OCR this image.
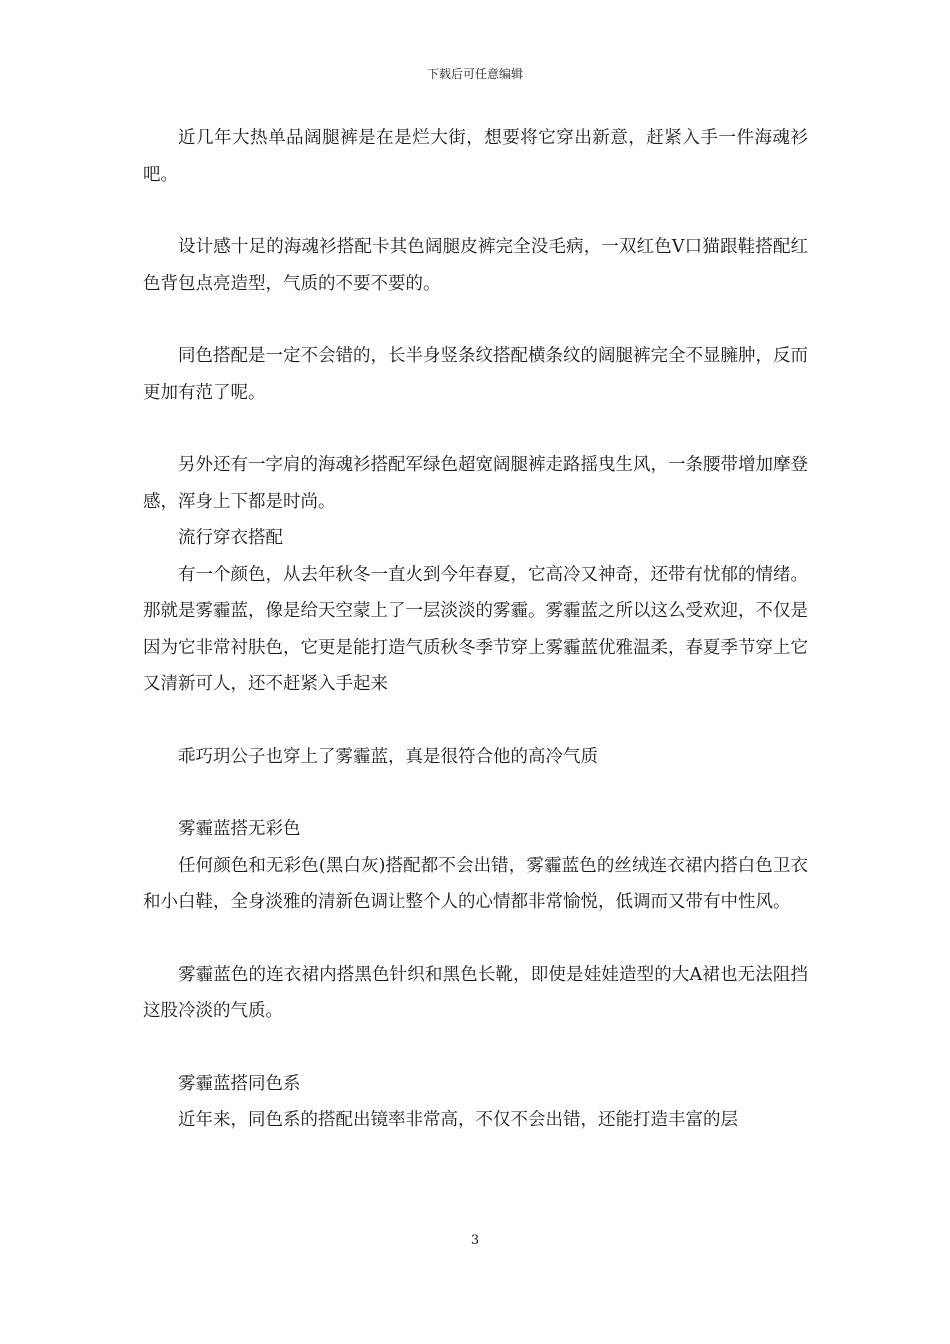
下载后可任意编辑

近几年大热单品阔腿裤是在是烂大街，想要将它穿出新意，赶紧入手一件海魂衫吧。

设计感十足的海魂衫搭配卡其色阔腿皮裤完全没毛病，一双红色V口猫跟鞋搭配红色背包点亮造型，气质的不要不要的。

同色搭配是一定不会错的，长半身竖条纹搭配横条纹的阔腿裤完全不显臃肿，反而更加有范了呢。

另外还有一字肩的海魂衫搭配军绿色超宽阔腿裤走路摇曳生风，一条腰带增加摩登感，浑身上下都是时尚。

流行穿衣搭配

有一个颜色，从去年秋冬一直火到今年春夏，它高冷又神奇，还带有忧郁的情绪。那就是雾霾蓝，像是给天空蒙上了一层淡淡的雾霾。雾霾蓝之所以这么受欢迎，不仅是因为它非常衬肤色，它更是能打造气质秋冬季节穿上雾霾蓝优雅温柔，春夏季节穿上它又清新可人，还不赶紧入手起来

乖巧玥公子也穿上了雾霾蓝，真是很符合他的高冷气质

雾霾蓝搭无彩色

任何颜色和无彩色(黑白灰)搭配都不会出错，雾霾蓝色的丝绒连衣裙内搭白色卫衣和小白鞋，全身淡雅的清新色调让整个人的心情都非常愉悦，低调而又带有中性风。

雾霾蓝色的连衣裙内搭黑色针织和黑色长靴，即使是娃娃造型的大A裙也无法阻挡这股冷淡的气质。

雾霾蓝搭同色系

近年来，同色系的搭配出镜率非常高，不仅不会出错，还能打造丰富的层

3
